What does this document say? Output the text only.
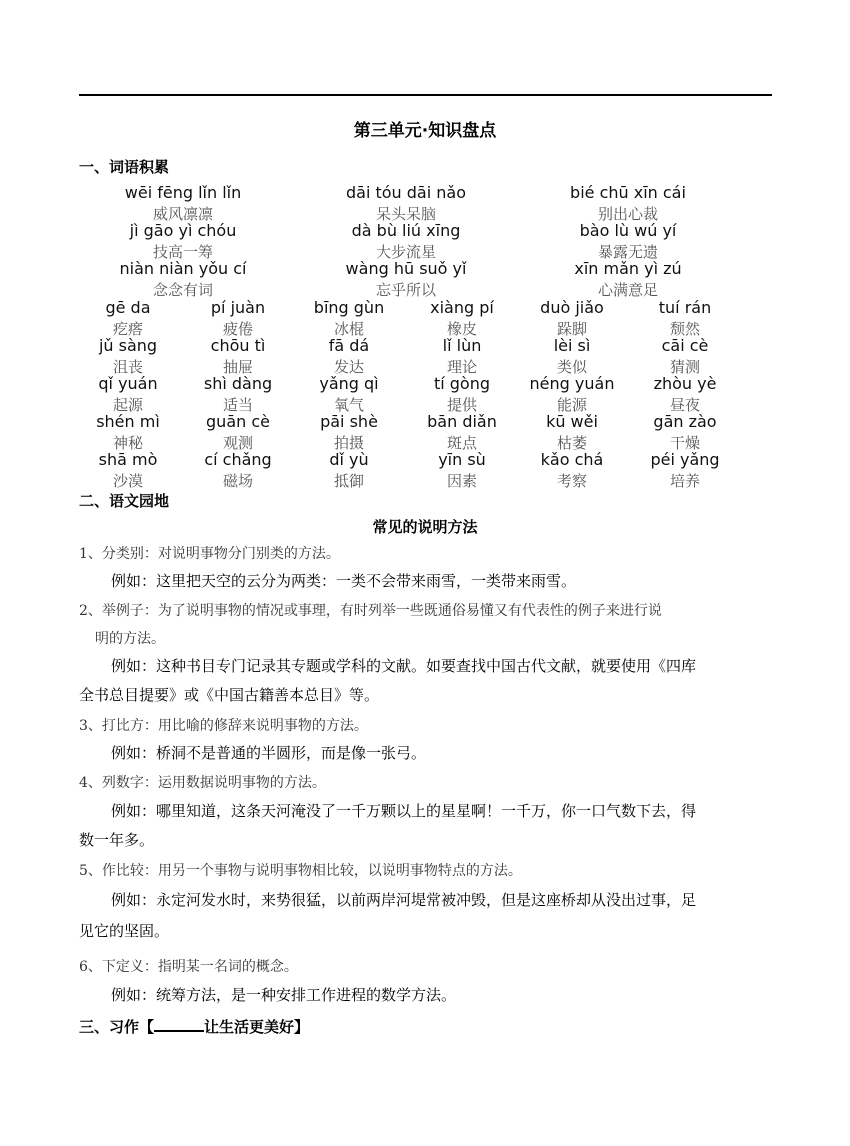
第三单元·知识盘点
一、词语积累
wēi fēng lǐn lǐn
威风凛凛
dāi tóu dāi nǎo
呆头呆脑
bié chū xīn cái
别出心裁
jì gāo yì chóu
技高一筹
dà bù liú xīng
大步流星
bào lù wú yí
暴露无遗
niàn niàn yǒu cí
念念有词
wàng hū suǒ yǐ
忘乎所以
xīn mǎn yì zú
心满意足
gē da
疙瘩
pí juàn
疲倦
bīng gùn
冰棍
xiàng pí
橡皮
duò jiǎo
跺脚
tuí rán
颓然
jǔ sàng
沮丧
chōu tì
抽屉
fā dá
发达
lǐ lùn
理论
lèi sì
类似
cāi cè
猜测
qǐ yuán
起源
shì dàng
适当
yǎng qì
氧气
tí gòng
提供
néng yuán
能源
zhòu yè
昼夜
shén mì
神秘
guān cè
观测
pāi shè
拍摄
bān diǎn
斑点
kū wěi
枯萎
gān zào
干燥
shā mò
沙漠
cí chǎng
磁场
dǐ yù
抵御
yīn sù
因素
kǎo chá
考察
péi yǎng
培养
二、语文园地
常见的说明方法
1、分类别：对说明事物分门别类的方法。
例如：这里把天空的云分为两类：一类不会带来雨雪，一类带来雨雪。
2、举例子：为了说明事物的情况或事理，有时列举一些既通俗易懂又有代表性的例子来进行说
明的方法。
例如：这种书目专门记录其专题或学科的文献。如要查找中国古代文献，就要使用《四库
全书总目提要》或《中国古籍善本总目》等。
3、打比方：用比喻的修辞来说明事物的方法。
例如：桥洞不是普通的半圆形，而是像一张弓。
4、列数字：运用数据说明事物的方法。
例如：哪里知道，这条天河淹没了一千万颗以上的星星啊！一千万，你一口气数下去，得
数一年多。
5、作比较：用另一个事物与说明事物相比较，以说明事物特点的方法。
例如：永定河发水时，来势很猛，以前两岸河堤常被冲毁，但是这座桥却从没出过事，足
见它的坚固。
6、下定义：指明某一名词的概念。
例如：统筹方法，是一种安排工作进程的数学方法。
三、习作【	让生活更美好】
